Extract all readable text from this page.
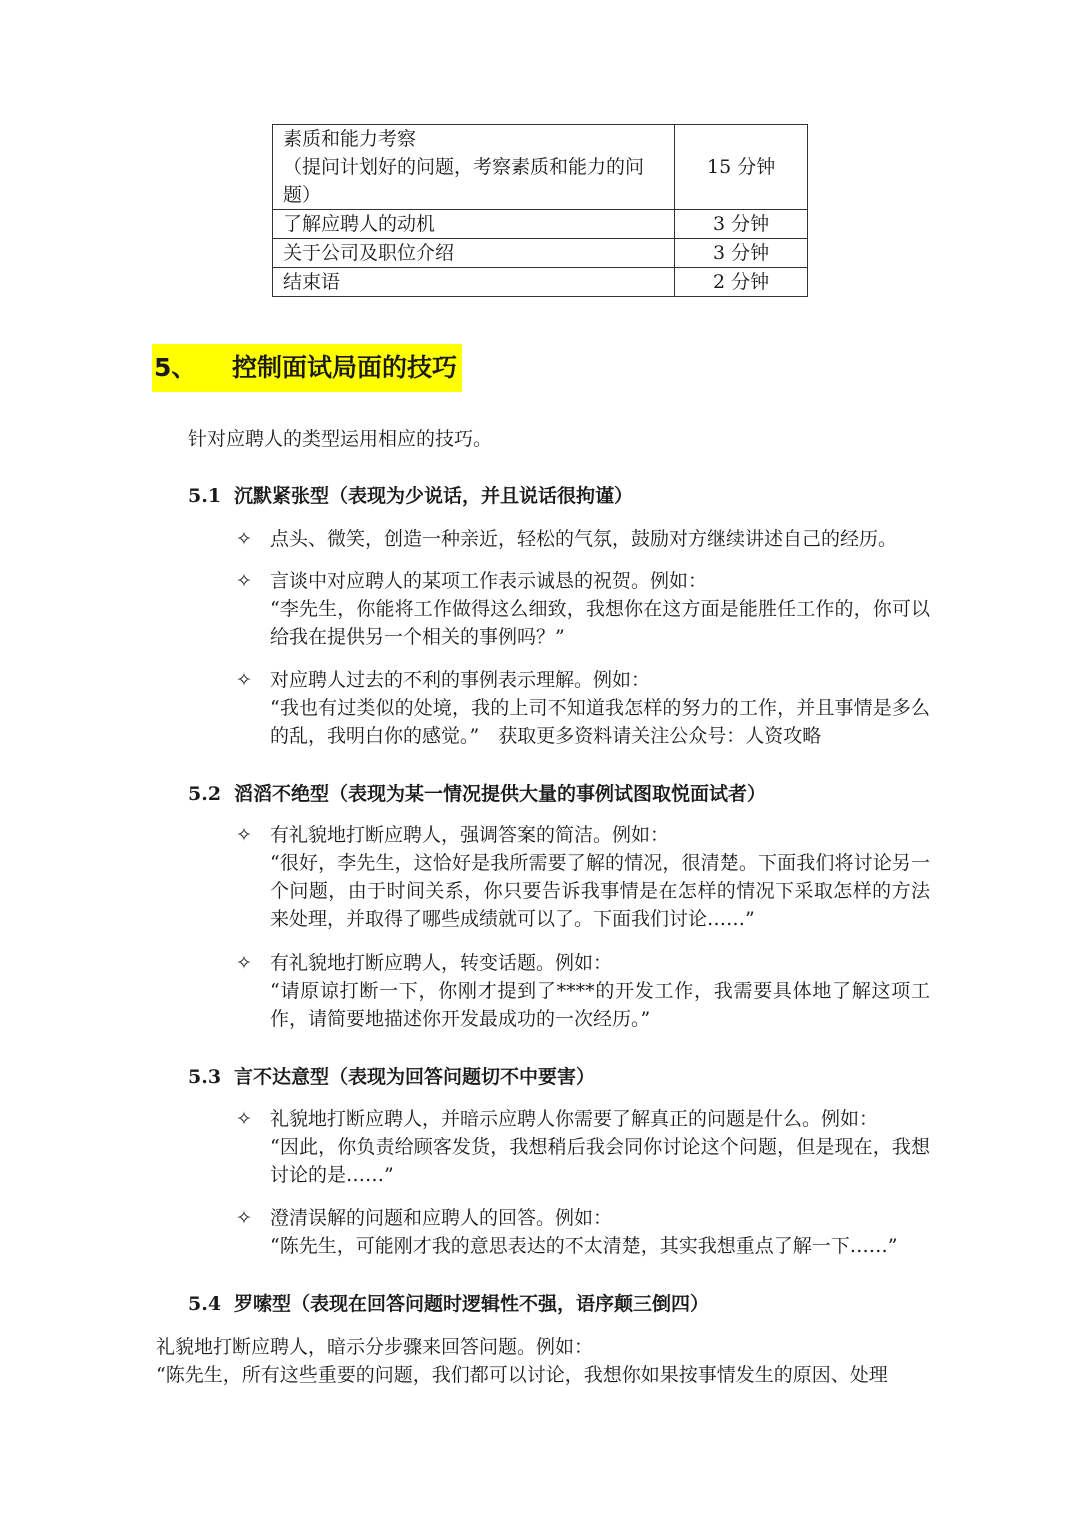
素质和能力考察
（提问计划好的问题，考察素质和能力的问
题）	15 分钟
了解应聘人的动机	3 分钟
关于公司及职位介绍	3 分钟
结束语	2 分钟
5、 控制面试局面的技巧
针对应聘人的类型运用相应的技巧。
5.1 沉默紧张型（表现为少说话，并且说话很拘谨）
✧ 点头、微笑，创造一种亲近，轻松的气氛，鼓励对方继续讲述自己的经历。
✧ 言谈中对应聘人的某项工作表示诚恳的祝贺。例如：
“李先生，你能将工作做得这么细致，我想你在这方面是能胜任工作的，你可以给我在提供另一个相关的事例吗？”
✧ 对应聘人过去的不利的事例表示理解。例如：
“我也有过类似的处境，我的上司不知道我怎样的努力的工作，并且事情是多么的乱，我明白你的感觉。”　获取更多资料请关注公众号：人资攻略
5.2 滔滔不绝型（表现为某一情况提供大量的事例试图取悦面试者）
✧ 有礼貌地打断应聘人，强调答案的简洁。例如：
“很好，李先生，这恰好是我所需要了解的情况，很清楚。下面我们将讨论另一个问题，由于时间关系，你只要告诉我事情是在怎样的情况下采取怎样的方法来处理，并取得了哪些成绩就可以了。下面我们讨论……”
✧ 有礼貌地打断应聘人，转变话题。例如：
“请原谅打断一下，你刚才提到了****的开发工作，我需要具体地了解这项工作，请简要地描述你开发最成功的一次经历。”
5.3 言不达意型（表现为回答问题切不中要害）
✧ 礼貌地打断应聘人，并暗示应聘人你需要了解真正的问题是什么。例如：
“因此，你负责给顾客发货，我想稍后我会同你讨论这个问题，但是现在，我想讨论的是……”
✧ 澄清误解的问题和应聘人的回答。例如：
“陈先生，可能刚才我的意思表达的不太清楚，其实我想重点了解一下……”
5.4 罗嗦型（表现在回答问题时逻辑性不强，语序颠三倒四）
礼貌地打断应聘人，暗示分步骤来回答问题。例如：
“陈先生，所有这些重要的问题，我们都可以讨论，我想你如果按事情发生的原因、处理
